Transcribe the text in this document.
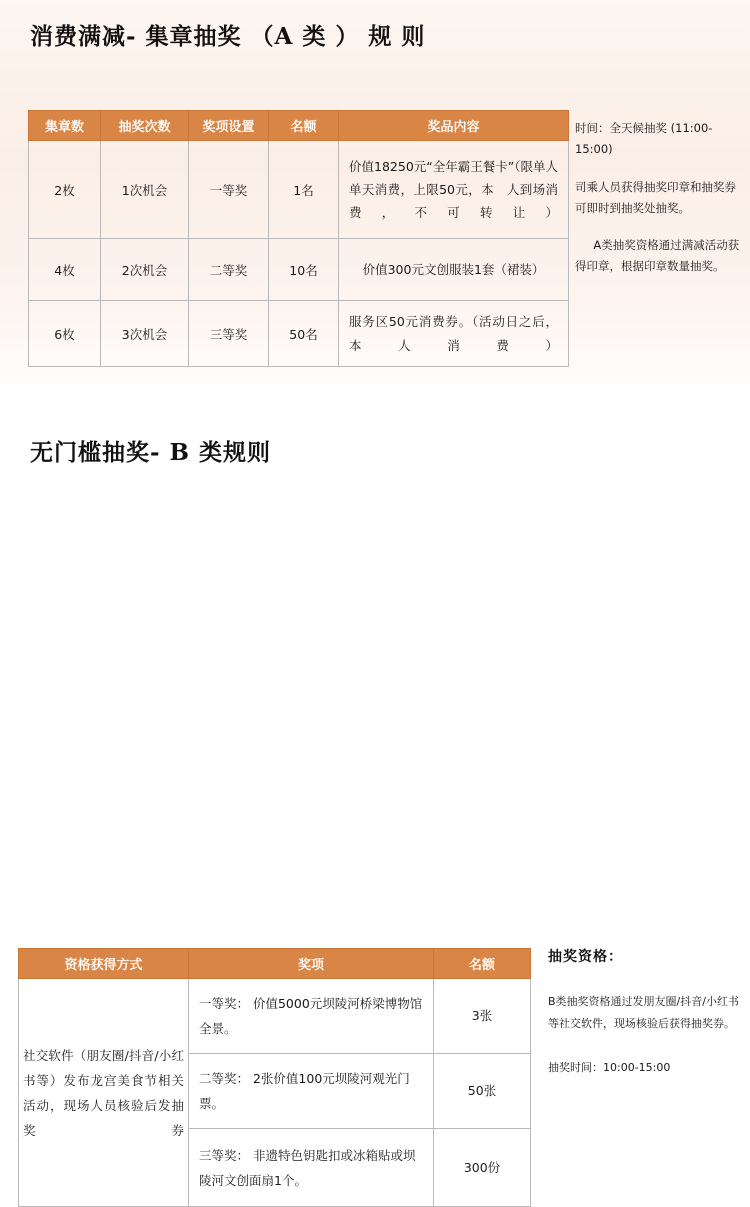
消费满减- 集章抽奖 （A 类 ） 规 则
集章数	抽奖次数	奖项设置	名额	奖品内容
2枚	1次机会	一等奖	1名	价值18250元“全年霸王餐卡”（限单人单天消费，上限50元，本　人到场消费，不可转让）
4枚	2次机会	二等奖	10名	价值300元文创服装1套（裙装）
6枚	3次机会	三等奖	50名	服务区50元消费券。（活动日之后，本人消费）

时间：全天候抽奖 (11:00-15:00)

司乘人员获得抽奖印章和抽奖券可即时到抽奖处抽奖。

A类抽奖资格通过满减活动获得印章，根据印章数量抽奖。

无门槛抽奖- B 类规则
资格获得方式	奖项	名额
社交软件（朋友圈/抖音/小红书等）发布龙宫美食节相关活动，现场人员核验后发抽奖券	一等奖： 价值5000元坝陵河桥梁博物馆全景。	3张
	二等奖： 2张价值100元坝陵河观光门票。	50张
	三等奖： 非遗特色钥匙扣或冰箱贴或坝陵河文创面扇1个。	300份
抽奖资格：

B类抽奖资格通过发朋友圈/抖音/小红书等社交软件，现场核验后获得抽奖券。

抽奖时间：10:00-15:00
